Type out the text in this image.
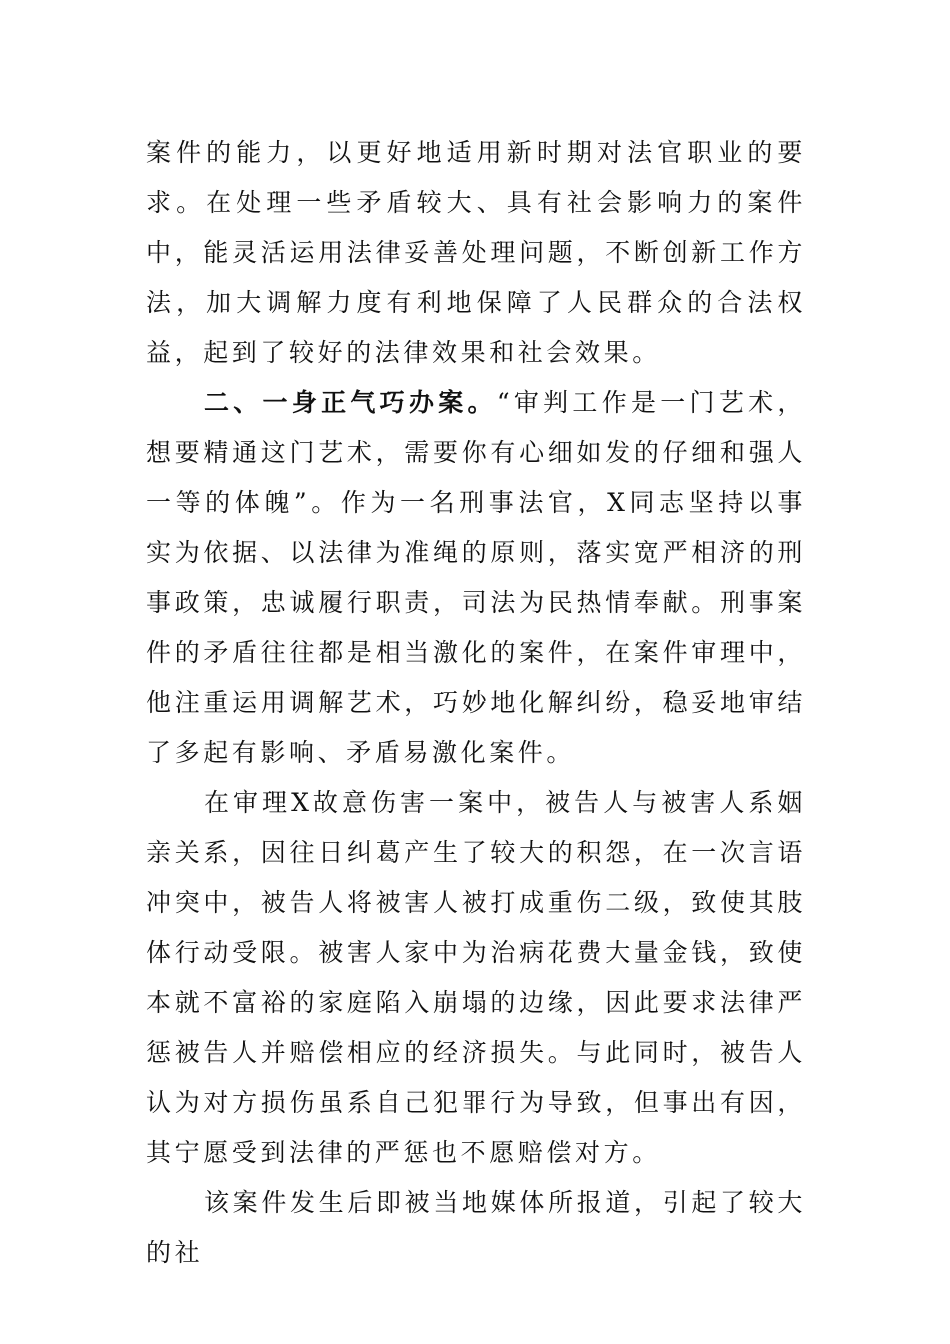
案件的能力，以更好地适用新时期对法官职业的要求。在处理一些矛盾较大、具有社会影响力的案件中，能灵活运用法律妥善处理问题，不断创新工作方法，加大调解力度有利地保障了人民群众的合法权益，起到了较好的法律效果和社会效果。

二、一身正气巧办案。“审判工作是一门艺术，想要精通这门艺术，需要你有心细如发的仔细和强人一等的体魄”。作为一名刑事法官，X同志坚持以事实为依据、以法律为准绳的原则，落实宽严相济的刑事政策，忠诚履行职责，司法为民热情奉献。刑事案件的矛盾往往都是相当激化的案件，在案件审理中，他注重运用调解艺术，巧妙地化解纠纷，稳妥地审结了多起有影响、矛盾易激化案件。

在审理X故意伤害一案中，被告人与被害人系姻亲关系，因往日纠葛产生了较大的积怨，在一次言语冲突中，被告人将被害人被打成重伤二级，致使其肢体行动受限。被害人家中为治病花费大量金钱，致使本就不富裕的家庭陷入崩塌的边缘，因此要求法律严惩被告人并赔偿相应的经济损失。与此同时，被告人认为对方损伤虽系自己犯罪行为导致，但事出有因，其宁愿受到法律的严惩也不愿赔偿对方。

该案件发生后即被当地媒体所报道，引起了较大的社
